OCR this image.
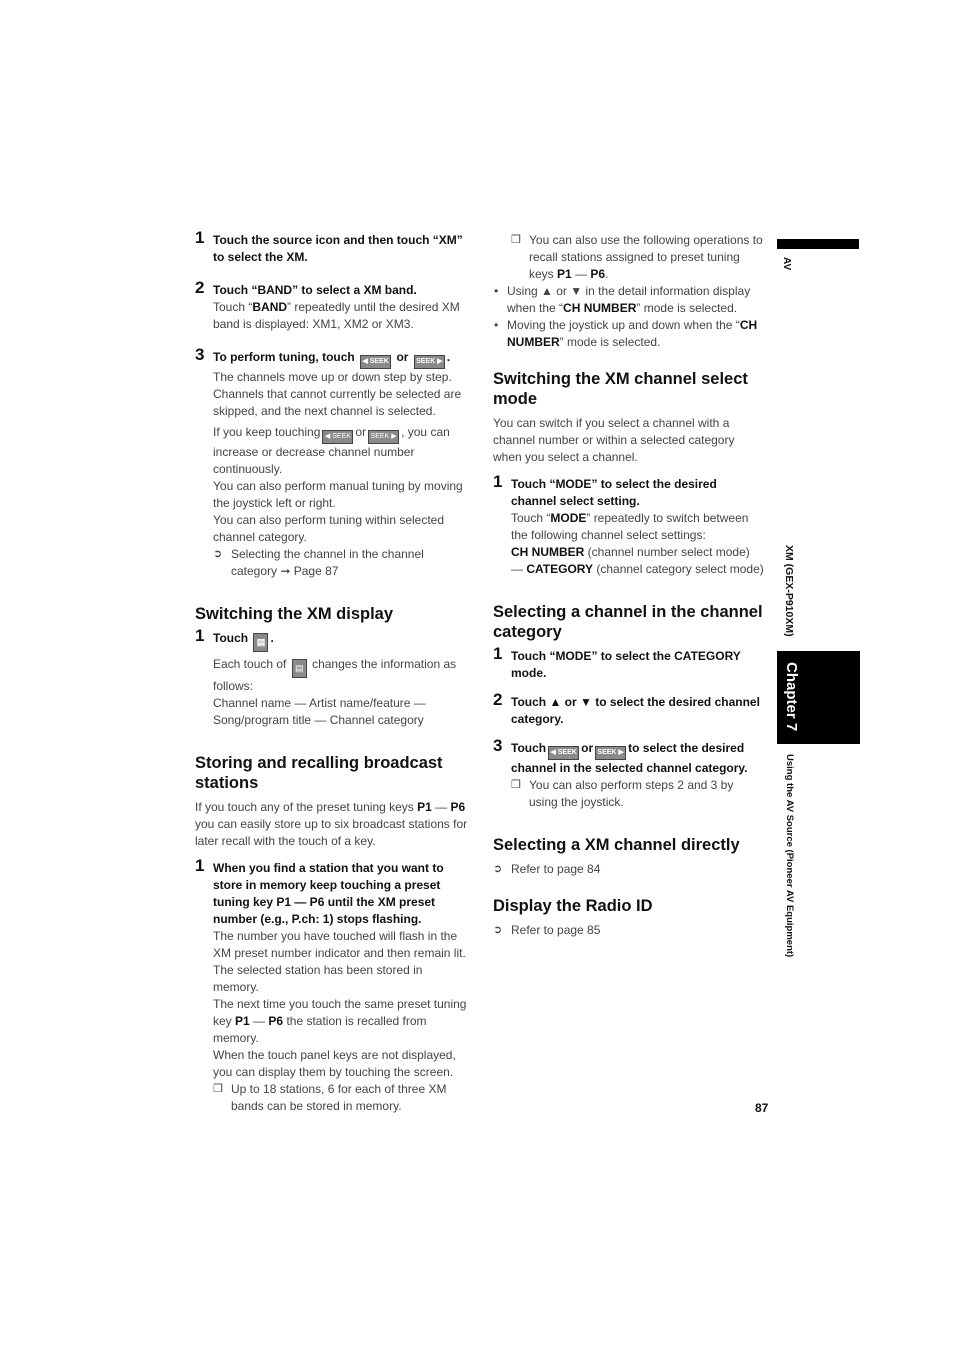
1 Touch the source icon and then touch “XM” to select the XM.
2 Touch “BAND” to select a XM band.

Touch “BAND” repeatedly until the desired XM band is displayed: XM1, XM2 or XM3.

3 To perform tuning, touch ◀ SEEK or SEEK ▶ .

The channels move up or down step by step. Channels that cannot currently be selected are skipped, and the next channel is selected.

If you keep touching ◀ SEEK or SEEK ▶ , you can increase or decrease channel number continuously.

You can also perform manual tuning by moving the joystick left or right.

You can also perform tuning within selected channel category.

➲ Selecting the channel in the channel category ➞ Page 87
Switching the XM display
1 Touch ▤ .

Each touch of ▤ changes the information as follows:

Channel name — Artist name/feature — Song/program title — Channel category

Storing and recalling broadcast stations

If you touch any of the preset tuning keys P1 — P6 you can easily store up to six broadcast stations for later recall with the touch of a key.

1 When you find a station that you want to store in memory keep touching a preset tuning key P1 — P6 until the XM preset number (e.g., P.ch: 1) stops flashing.

The number you have touched will flash in the XM preset number indicator and then remain lit. The selected station has been stored in memory.

The next time you touch the same preset tuning key P1 — P6 the station is recalled from memory.

When the touch panel keys are not displayed, you can display them by touching the screen.

❒ Up to 18 stations, 6 for each of three XM bands can be stored in memory.
❒ You can also use the following operations to recall stations assigned to preset tuning keys P1 — P6.
• Using ▲ or ▼ in the detail information display when the “CH NUMBER” mode is selected.
• Moving the joystick up and down when the “CH NUMBER” mode is selected.
Switching the XM channel select mode

You can switch if you select a channel with a channel number or within a selected category when you select a channel.

1 Touch “MODE” to select the desired channel select setting.

Touch “MODE” repeatedly to switch between the following channel select settings:

CH NUMBER (channel number select mode) — CATEGORY (channel category select mode)

Selecting a channel in the channel category
1 Touch “MODE” to select the CATEGORY mode.
2 Touch ▲ or ▼ to select the desired channel category.
3 Touch ◀ SEEK or SEEK ▶ to select the desired channel in the selected channel category.
❒ You can also perform steps 2 and 3 by using the joystick.
Selecting a XM channel directly
➲ Refer to page 84
Display the Radio ID
➲ Refer to page 85
AV
XM (GEX-P910XM)
Chapter 7
Using the AV Source (Pioneer AV Equipment)
87
